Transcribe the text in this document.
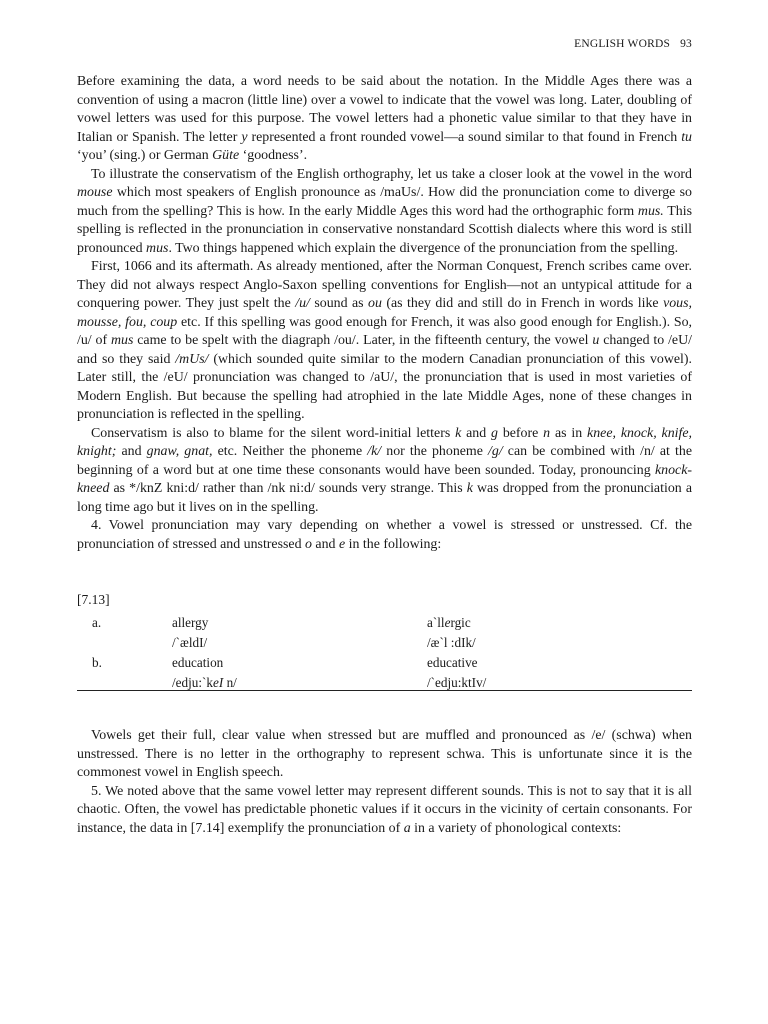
ENGLISH WORDS 93

Before examining the data, a word needs to be said about the notation. In the Middle Ages there was a convention of using a macron (little line) over a vowel to indicate that the vowel was long. Later, doubling of vowel letters was used for this purpose. The vowel letters had a phonetic value similar to that they have in Italian or Spanish. The letter y represented a front rounded vowel—a sound similar to that found in French tu ‘you’ (sing.) or German Güte ‘goodness’.

To illustrate the conservatism of the English orthography, let us take a closer look at the vowel in the word mouse which most speakers of English pronounce as /maUs/. How did the pronunciation come to diverge so much from the spelling? This is how. In the early Middle Ages this word had the orthographic form mus. This spelling is reflected in the pronunciation in conservative nonstandard Scottish dialects where this word is still pronounced mus. Two things happened which explain the divergence of the pronunciation from the spelling.

First, 1066 and its aftermath. As already mentioned, after the Norman Conquest, French scribes came over. They did not always respect Anglo-Saxon spelling conventions for English—not an untypical attitude for a conquering power. They just spelt the /u/ sound as ou (as they did and still do in French in words like vous, mousse, fou, coup etc. If this spelling was good enough for French, it was also good enough for English.). So, /u/ of mus came to be spelt with the diagraph /ou/. Later, in the fifteenth century, the vowel u changed to /eU/ and so they said /mUs/ (which sounded quite similar to the modern Canadian pronunciation of this vowel). Later still, the /eU/ pronunciation was changed to /aU/, the pronunciation that is used in most varieties of Modern English. But because the spelling had atrophied in the late Middle Ages, none of these changes in pronunciation is reflected in the spelling.

Conservatism is also to blame for the silent word-initial letters k and g before n as in knee, knock, knife, knight; and gnaw, gnat, etc. Neither the phoneme /k/ nor the phoneme /g/ can be combined with /n/ at the beginning of a word but at one time these consonants would have been sounded. Today, pronouncing knock-kneed as */knZ kni:d/ rather than /nk ni:d/ sounds very strange. This k was dropped from the pronunciation a long time ago but it lives on in the spelling.

4. Vowel pronunciation may vary depending on whether a vowel is stressed or unstressed. Cf. the pronunciation of stressed and unstressed o and e in the following:

[7.13]
a.	allergy	a`llergic
/`ældI/	/æ`l :dIk/
b.	education	educative
/edju:`keI n/	/`edju:ktIv/

Vowels get their full, clear value when stressed but are muffled and pronounced as /e/ (schwa) when unstressed. There is no letter in the orthography to represent schwa. This is unfortunate since it is the commonest vowel in English speech.

5. We noted above that the same vowel letter may represent different sounds. This is not to say that it is all chaotic. Often, the vowel has predictable phonetic values if it occurs in the vicinity of certain consonants. For instance, the data in [7.14] exemplify the pronunciation of a in a variety of phonological contexts:
